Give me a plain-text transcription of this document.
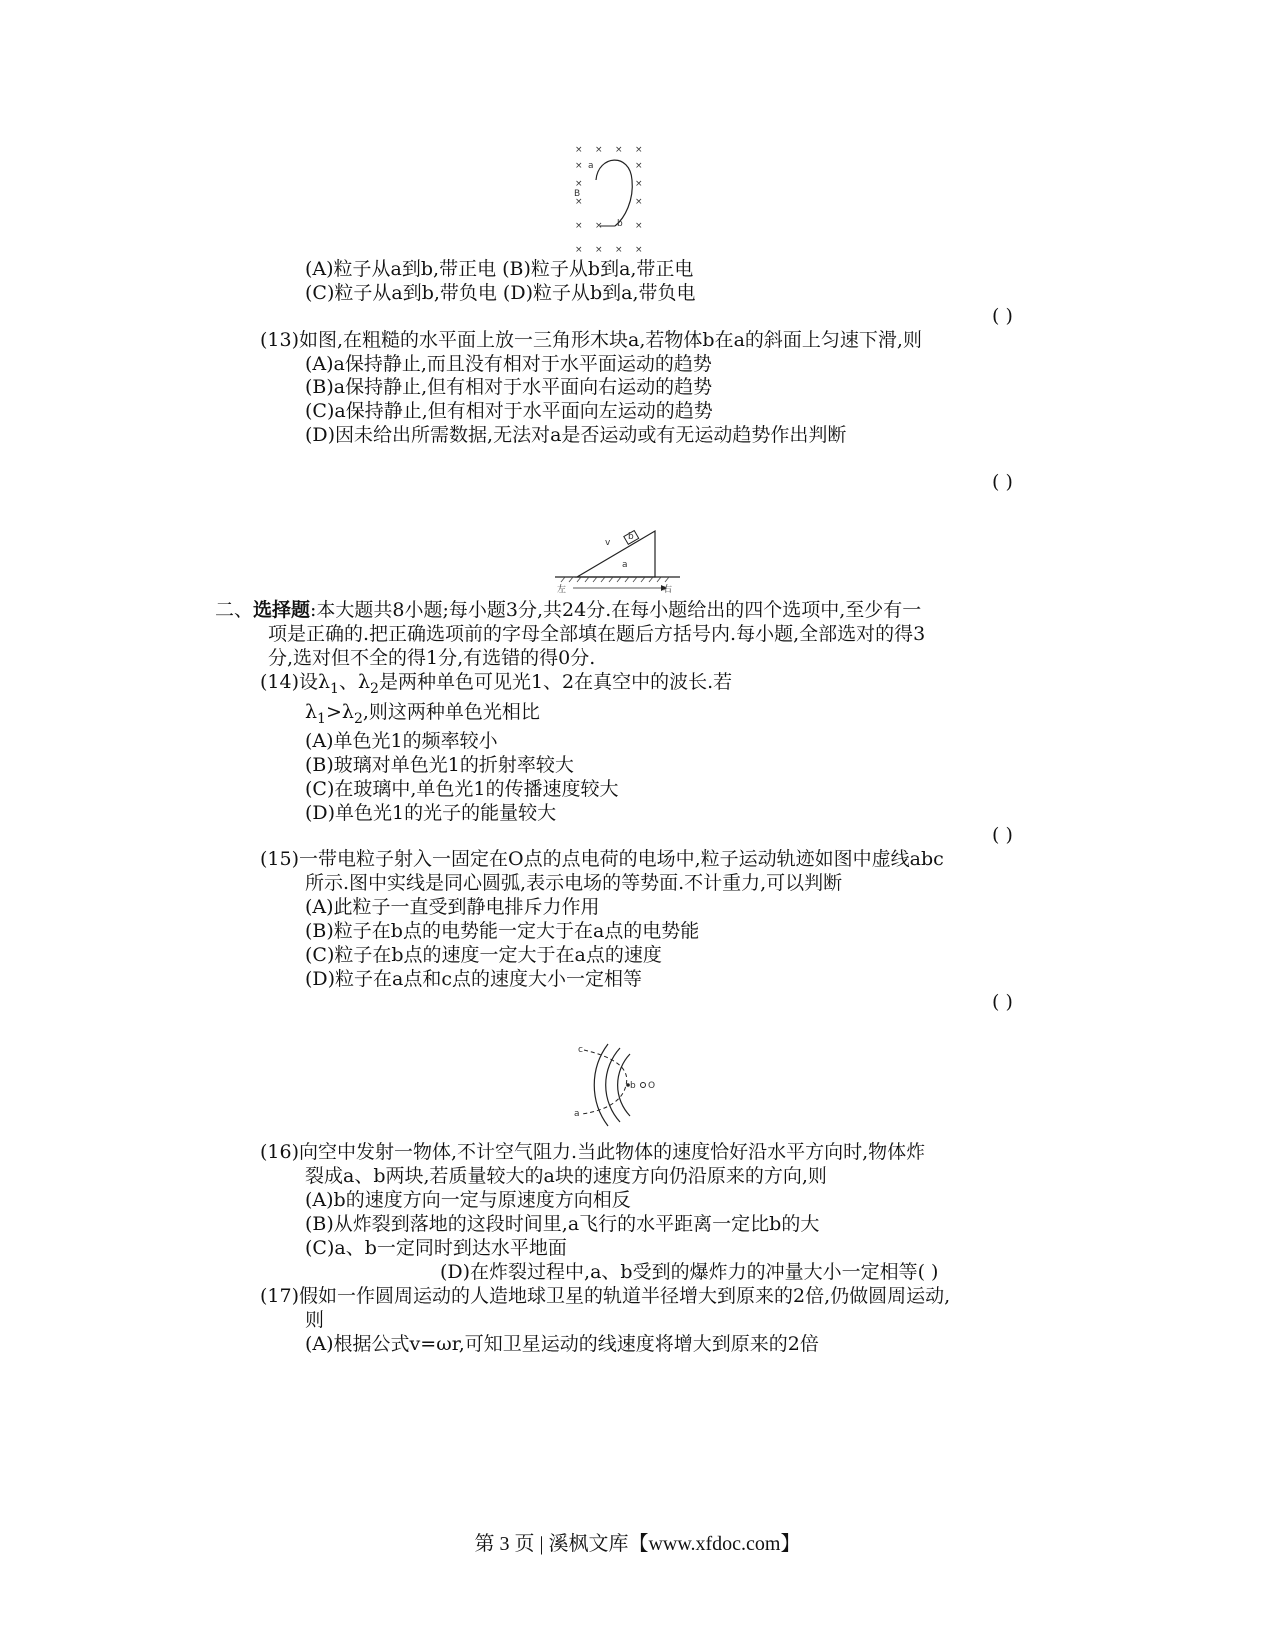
× × × ×
×	×
×	×
×	×
× ×	×
× × × ×
a
b
B
(A)粒子从a到b,带正电 (B)粒子从b到a,带正电
(C)粒子从a到b,带负电 (D)粒子从b到a,带负电
( )
(13)如图,在粗糙的水平面上放一三角形木块a,若物体b在a的斜面上匀速下滑,则
(A)a保持静止,而且没有相对于水平面运动的趋势
(B)a保持静止,但有相对于水平面向右运动的趋势
(C)a保持静止,但有相对于水平面向左运动的趋势
(D)因未给出所需数据,无法对a是否运动或有无运动趋势作出判断
( )
v
b
a
左	右
二、选择题:本大题共8小题;每小题3分,共24分.在每小题给出的四个选项中,至少有一
项是正确的.把正确选项前的字母全部填在题后方括号内.每小题,全部选对的得3
分,选对但不全的得1分,有选错的得0分.
(14)设$\lambda_1$、$\lambda_2$是两种单色可见光1、2在真空中的波长.若
$\lambda_1>\lambda_2$,则这两种单色光相比
(A)单色光1的频率较小
(B)玻璃对单色光1的折射率较大
(C)在玻璃中,单色光1的传播速度较大
(D)单色光1的光子的能量较大
( )
(15)一带电粒子射入一固定在O点的点电荷的电场中,粒子运动轨迹如图中虚线abc
所示.图中实线是同心圆弧,表示电场的等势面.不计重力,可以判断
(A)此粒子一直受到静电排斥力作用
(B)粒子在b点的电势能一定大于在a点的电势能
(C)粒子在b点的速度一定大于在a点的速度
(D)粒子在a点和c点的速度大小一定相等
( )
c
b O
a
(16)向空中发射一物体,不计空气阻力.当此物体的速度恰好沿水平方向时,物体炸
裂成a、b两块,若质量较大的a块的速度方向仍沿原来的方向,则
(A)b的速度方向一定与原速度方向相反
(B)从炸裂到落地的这段时间里,a飞行的水平距离一定比b的大
(C)a、b一定同时到达水平地面
(D)在炸裂过程中,a、b受到的爆炸力的冲量大小一定相等( )
(17)假如一作圆周运动的人造地球卫星的轨道半径增大到原来的2倍,仍做圆周运动,
则
(A)根据公式v=ωr,可知卫星运动的线速度将增大到原来的2倍
第 3 页 | 溪枫文库【www.xfdoc.com】
